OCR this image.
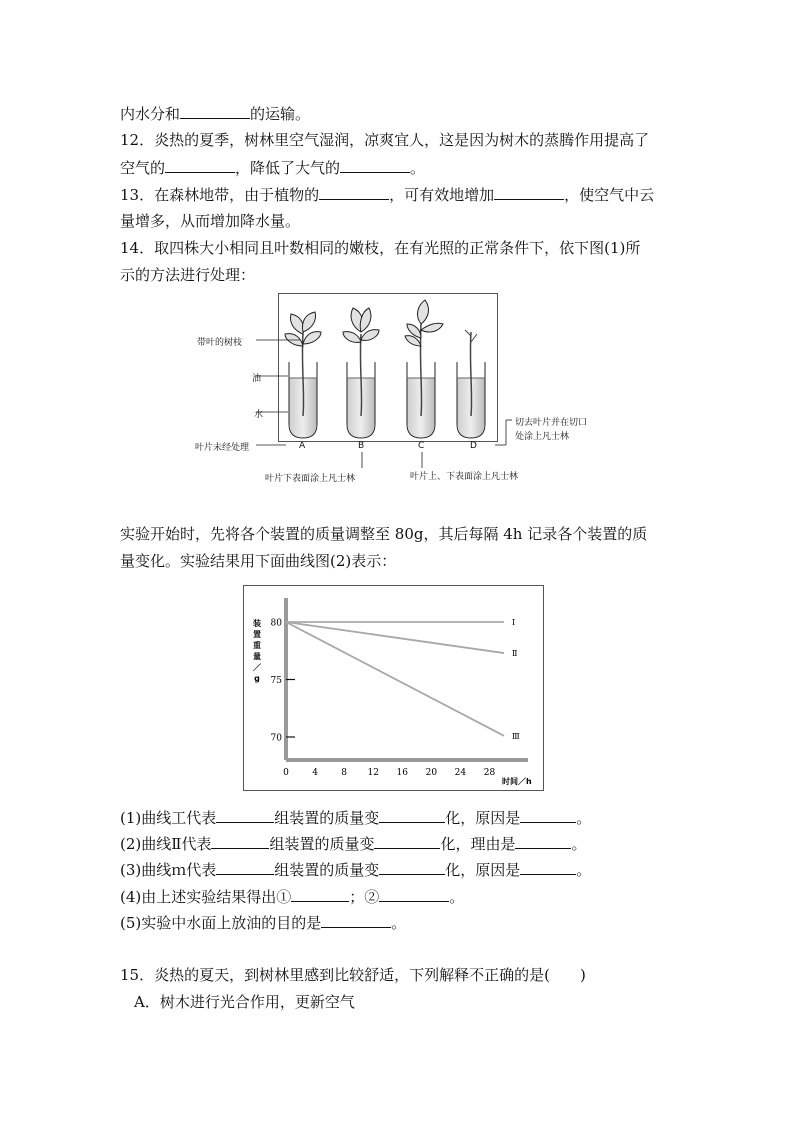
内水分和	的运输。
12．炎热的夏季，树林里空气湿润，凉爽宜人，这是因为树木的蒸腾作用提高了
空气的	，降低了大气的	。
13．在森林地带，由于植物的	，可有效地增加	，使空气中云
量增多，从而增加降水量。
14．取四株大小相同且叶数相同的嫩枝，在有光照的正常条件下，依下图(1)所
示的方法进行处理：
带叶的树枝
油
水
叶片未经处理	A	B	C	D
叶片下表面涂上凡士林	叶片上、下表面涂上凡士林
切去叶片并在切口
处涂上凡士林
实验开始时，先将各个装置的质量调整至 80g，其后每隔 4h 记录各个装置的质
量变化。实验结果用下面曲线图(2)表示：
Ⅰ
Ⅱ
Ⅲ
70
75
80
0	4	8 12 16 20 24 28
时间／h
装
置
重
量
／
g
(1)曲线工代表	组装置的质量变	化，原因是	。
(2)曲线Ⅱ代表	组装置的质量变	化，理由是	。
(3)曲线ｍ代表	组装置的质量变	化，原因是	。
(4)由上述实验结果得出①	；②	。
(5)实验中水面上放油的目的是	。
15．炎热的夏天，到树林里感到比较舒适，下列解释不正确的是(　　)
A．树木进行光合作用，更新空气
